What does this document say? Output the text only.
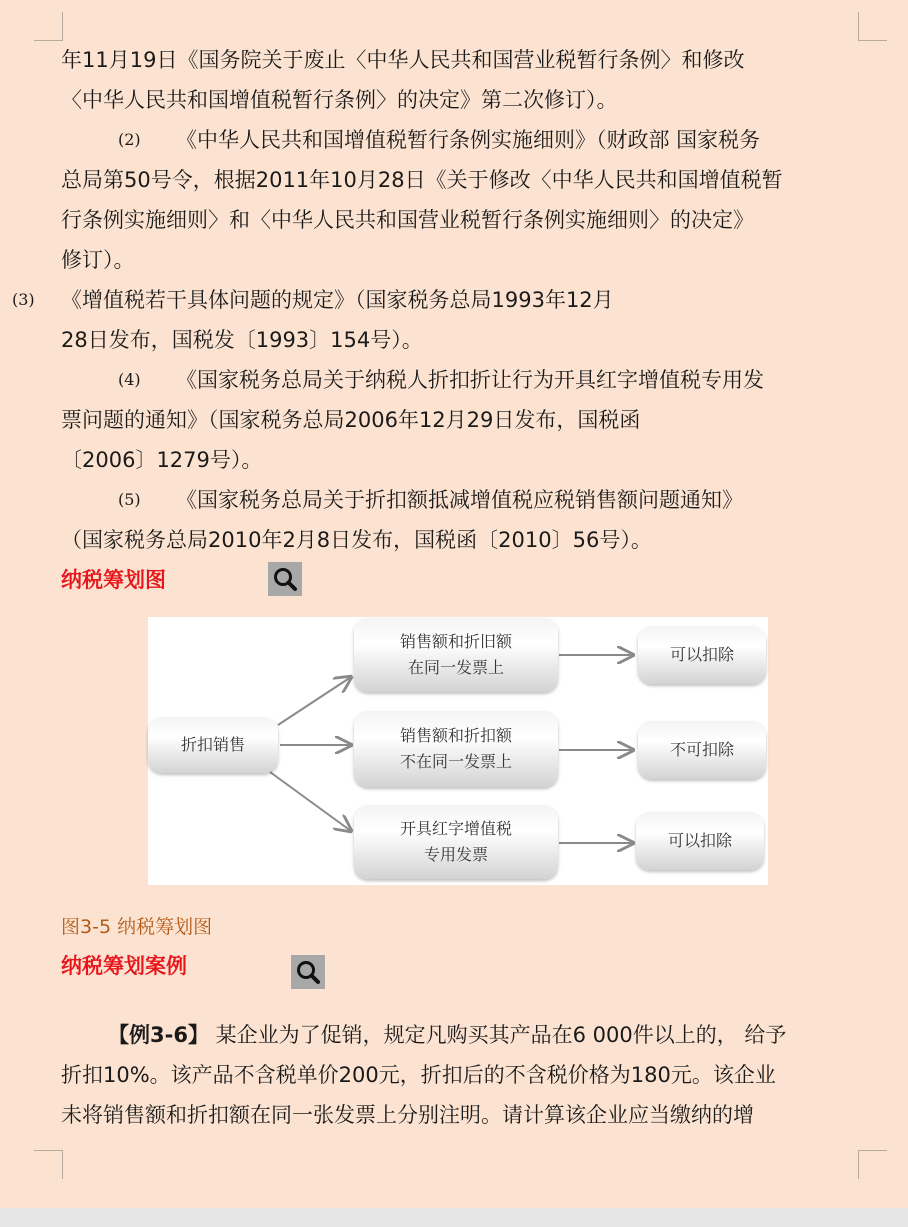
年11月19日《国务院关于废止〈中华人民共和国营业税暂行条例〉和修改
〈中华人民共和国增值税暂行条例〉的决定》第二次修订）。
(2) 《中华人民共和国增值税暂行条例实施细则》（财政部 国家税务
总局第50号令，根据2011年10月28日《关于修改〈中华人民共和国增值税暂
行条例实施细则〉和〈中华人民共和国营业税暂行条例实施细则〉的决定》
修订）。
(3) 《增值税若干具体问题的规定》（国家税务总局1993年12月
28日发布，国税发〔1993〕154号）。
(4) 《国家税务总局关于纳税人折扣折让行为开具红字增值税专用发
票问题的通知》（国家税务总局2006年12月29日发布，国税函
〔2006〕1279号）。
(5) 《国家税务总局关于折扣额抵减增值税应税销售额问题通知》
（国家税务总局2010年2月8日发布，国税函〔2010〕56号）。
纳税筹划图
折扣销售
销售额和折旧额
在同一发票上
销售额和折扣额
不在同一发票上
开具红字增值税
专用发票
可以扣除
不可扣除
可以扣除
图3-5 纳税筹划图
纳税筹划案例
【例3-6】 某企业为了促销，规定凡购买其产品在6 000件以上的， 给予
折扣10%。该产品不含税单价200元，折扣后的不含税价格为180元。该企业
未将销售额和折扣额在同一张发票上分别注明。请计算该企业应当缴纳的增
